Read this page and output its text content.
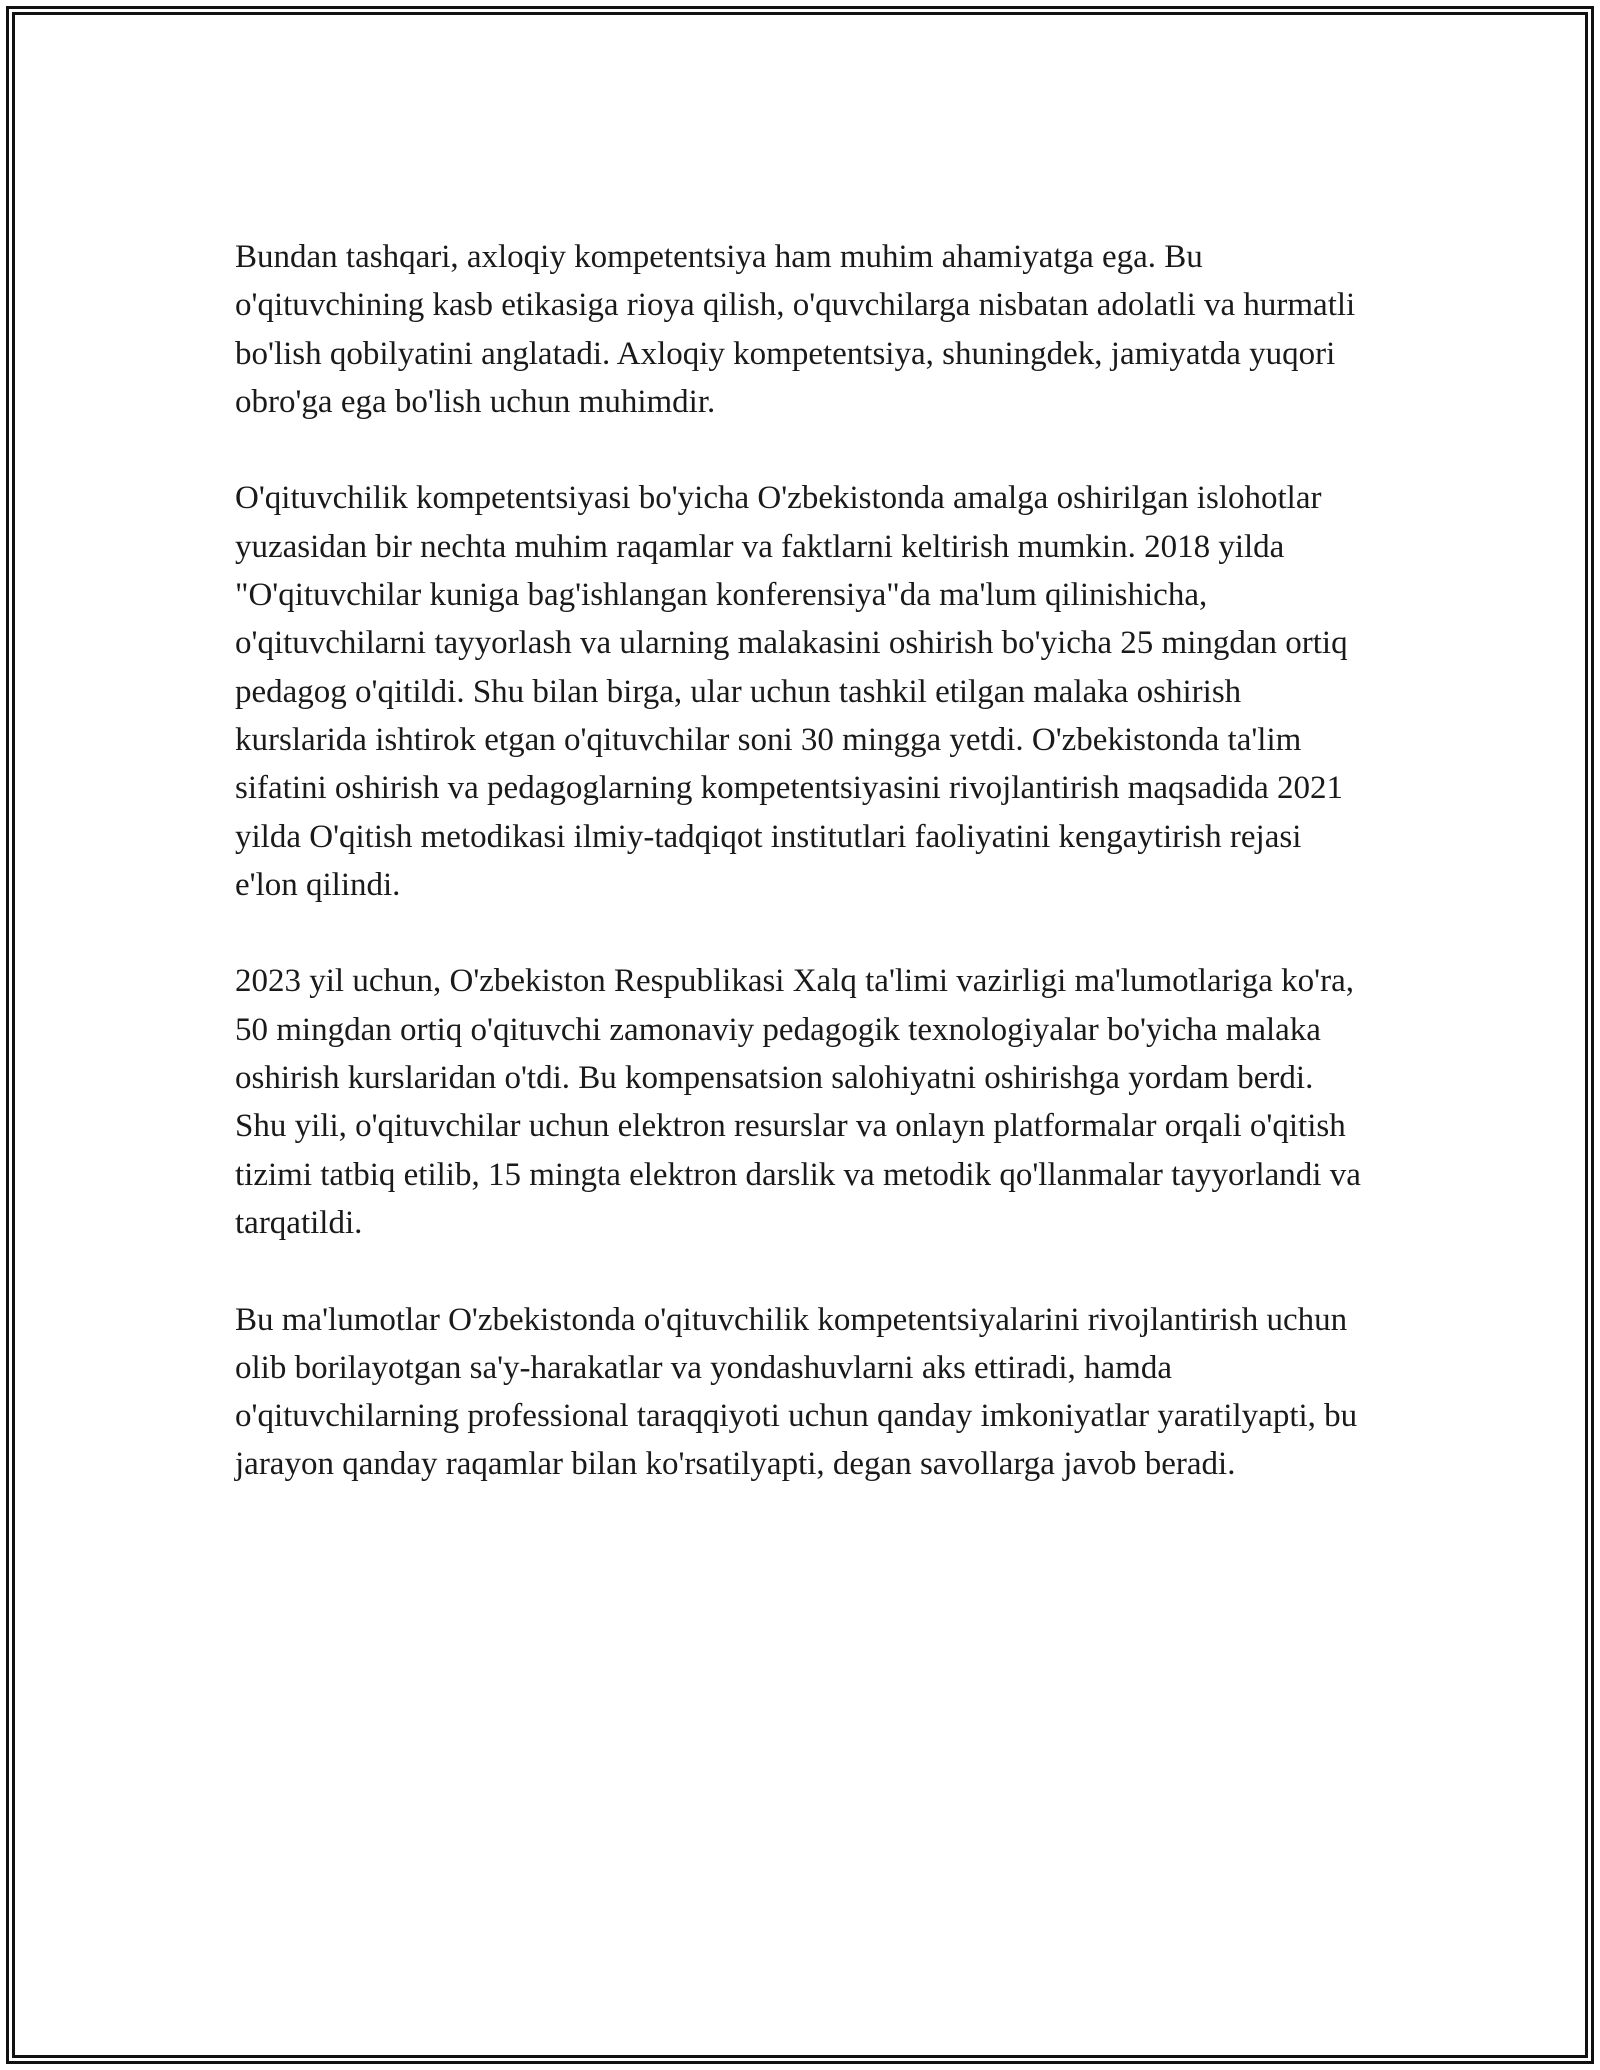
Bundan tashqari, axloqiy kompetentsiya ham muhim ahamiyatga ega. Bu o'qituvchining kasb etikasiga rioya qilish, o'quvchilarga nisbatan adolatli va hurmatli bo'lish qobilyatini anglatadi. Axloqiy kompetentsiya, shuningdek, jamiyatda yuqori obro'ga ega bo'lish uchun muhimdir.

O'qituvchilik kompetentsiyasi bo'yicha O'zbekistonda amalga oshirilgan islohotlar yuzasidan bir nechta muhim raqamlar va faktlarni keltirish mumkin. 2018 yilda "O'qituvchilar kuniga bag'ishlangan konferensiya"da ma'lum qilinishicha, o'qituvchilarni tayyorlash va ularning malakasini oshirish bo'yicha 25 mingdan ortiq pedagog o'qitildi. Shu bilan birga, ular uchun tashkil etilgan malaka oshirish kurslarida ishtirok etgan o'qituvchilar soni 30 mingga yetdi. O'zbekistonda ta'lim sifatini oshirish va pedagoglarning kompetentsiyasini rivojlantirish maqsadida 2021 yilda O'qitish metodikasi ilmiy-tadqiqot institutlari faoliyatini kengaytirish rejasi e'lon qilindi.

2023 yil uchun, O'zbekiston Respublikasi Xalq ta'limi vazirligi ma'lumotlariga ko'ra, 50 mingdan ortiq o'qituvchi zamonaviy pedagogik texnologiyalar bo'yicha malaka oshirish kurslaridan o'tdi. Bu kompensatsion salohiyatni oshirishga yordam berdi. Shu yili, o'qituvchilar uchun elektron resurslar va onlayn platformalar orqali o'qitish tizimi tatbiq etilib, 15 mingta elektron darslik va metodik qo'llanmalar tayyorlandi va tarqatildi.

Bu ma'lumotlar O'zbekistonda o'qituvchilik kompetentsiyalarini rivojlantirish uchun olib borilayotgan sa'y-harakatlar va yondashuvlarni aks ettiradi, hamda o'qituvchilarning professional taraqqiyoti uchun qanday imkoniyatlar yaratilyapti, bu jarayon qanday raqamlar bilan ko'rsatilyapti, degan savollarga javob beradi.
